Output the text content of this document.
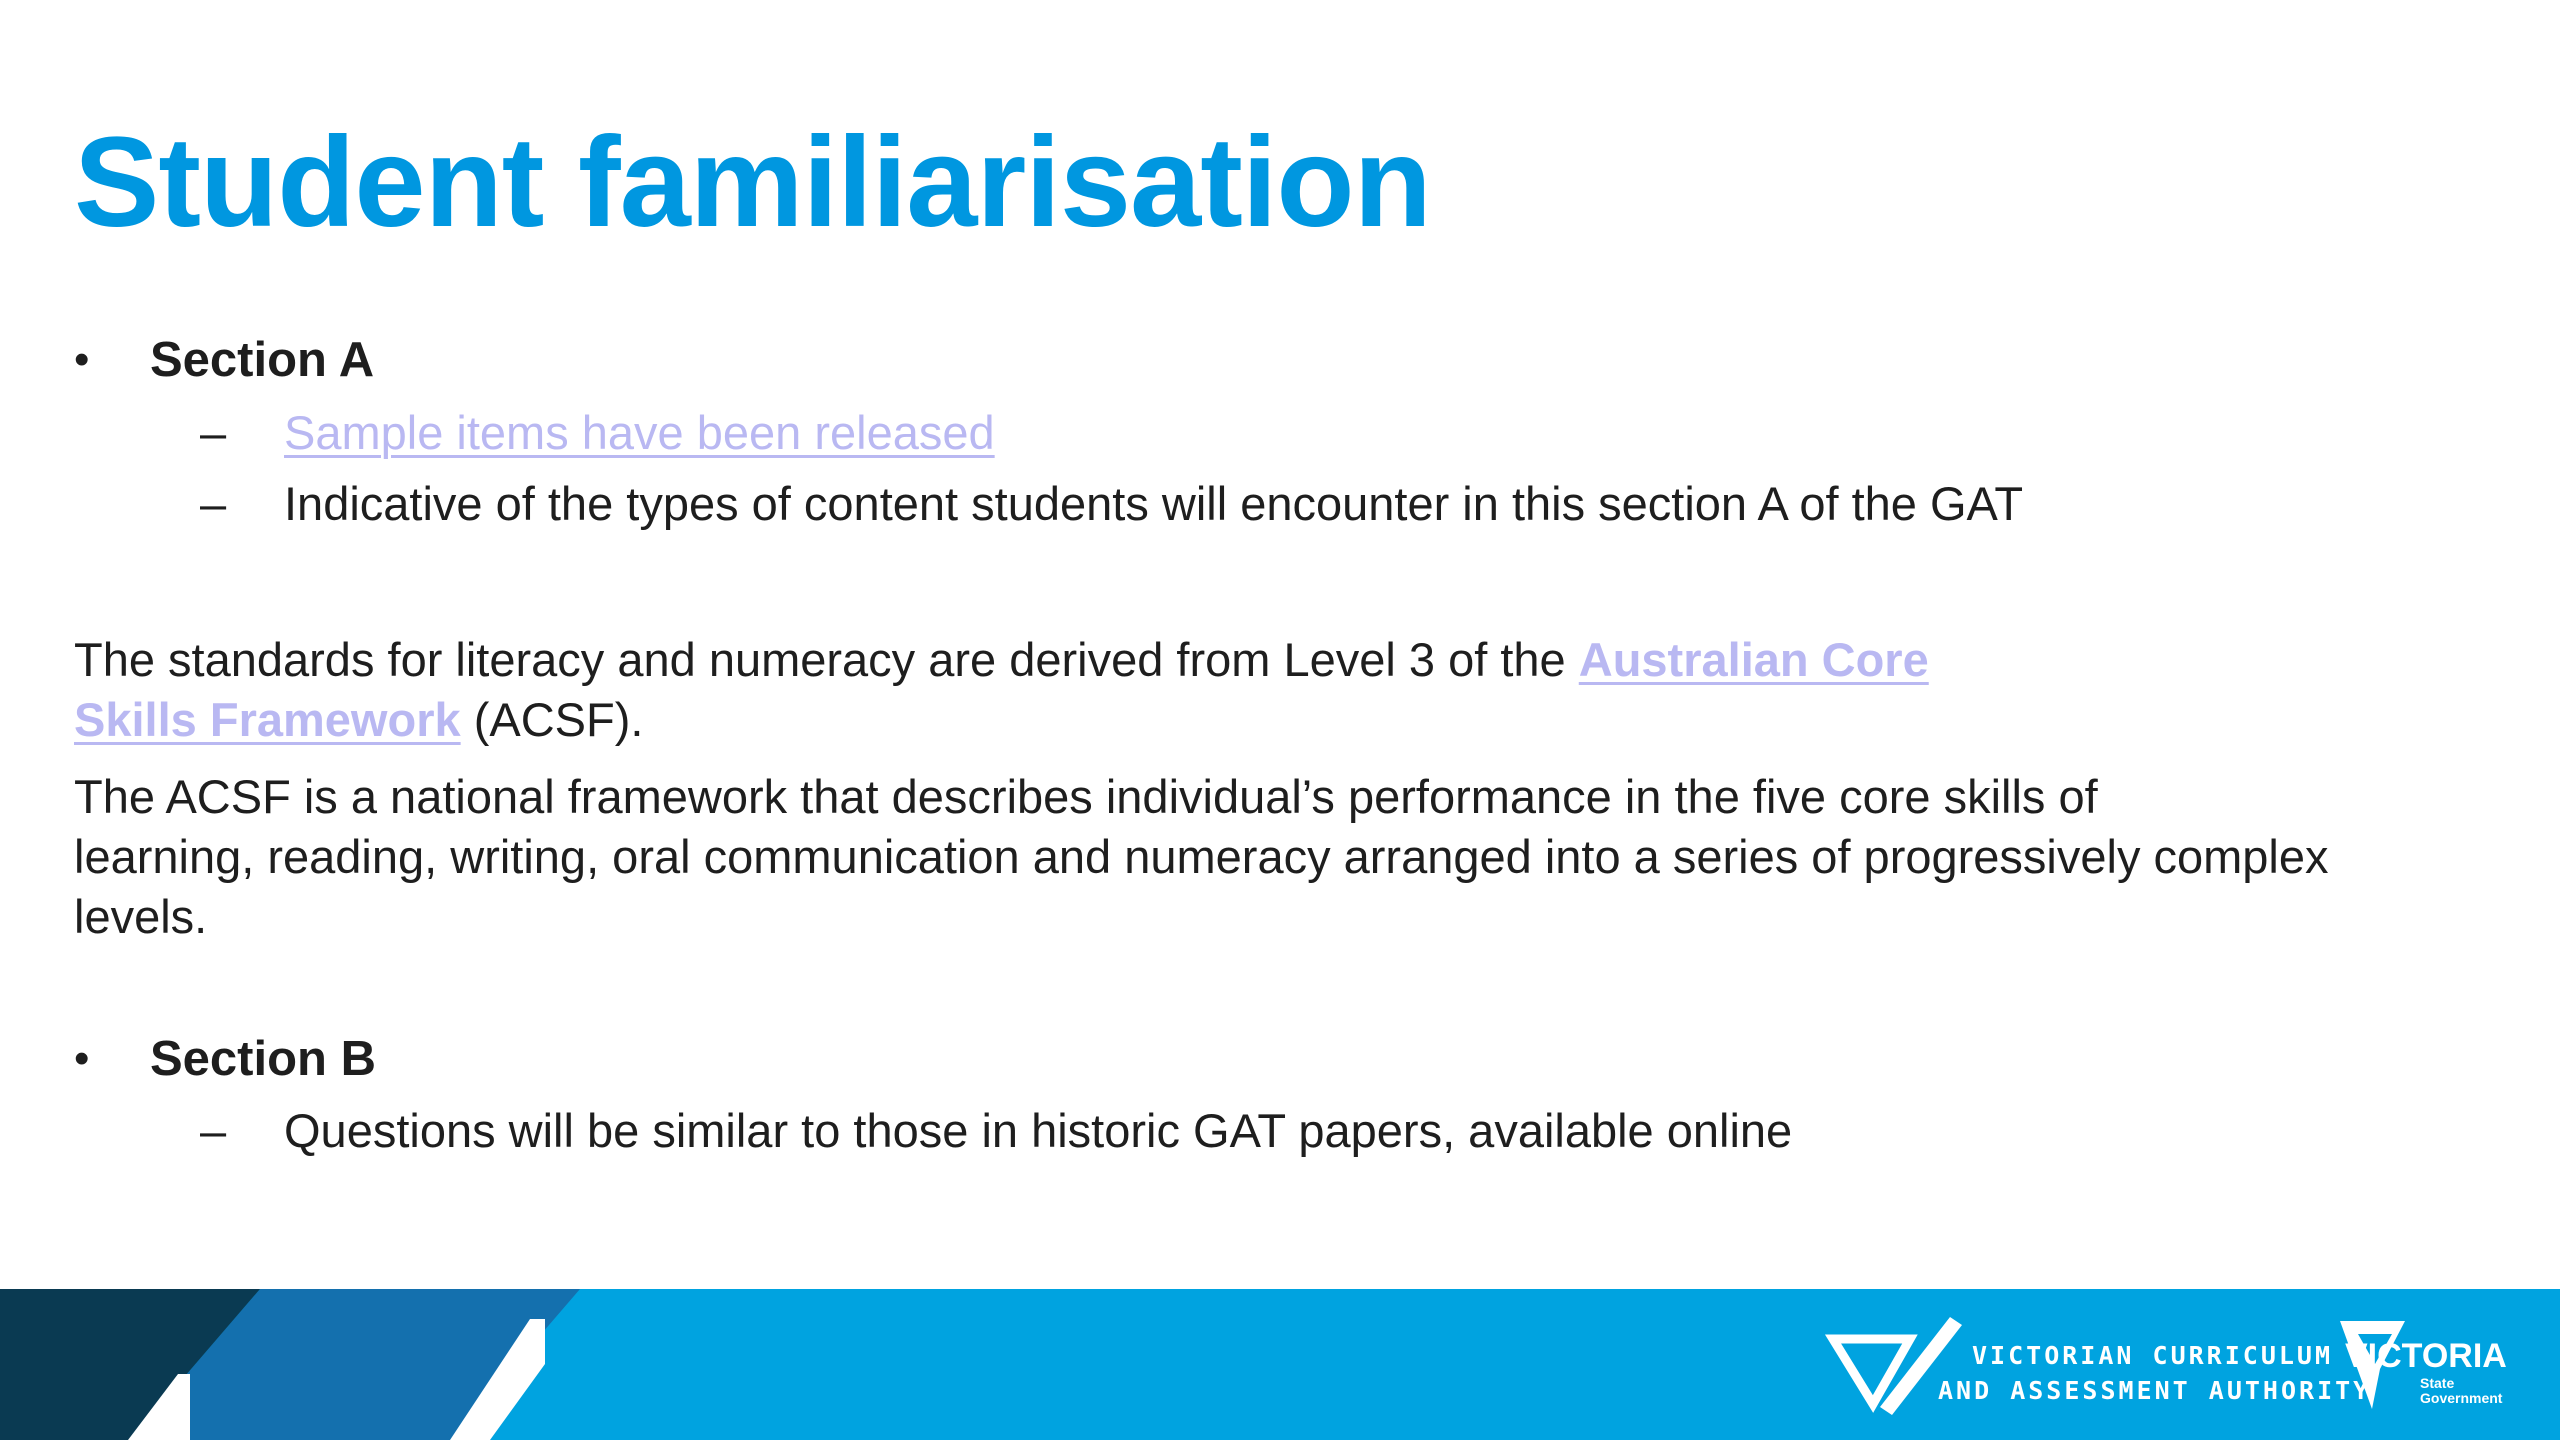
Student familiarisation
•	Section A
–	Sample items have been released
–	Indicative of the types of content students will encounter in this section A of the GAT
The standards for literacy and numeracy are derived from Level 3 of the Australian Core
Skills Framework (ACSF).
The ACSF is a national framework that describes individual’s performance in the five core skills of
learning, reading, writing, oral communication and numeracy arranged into a series of progressively complex
levels.
•	Section B
–	Questions will be similar to those in historic GAT papers, available online
VICTORIAN CURRICULUM
AND ASSESSMENT AUTHORITY
VICTORIA
State
Government
